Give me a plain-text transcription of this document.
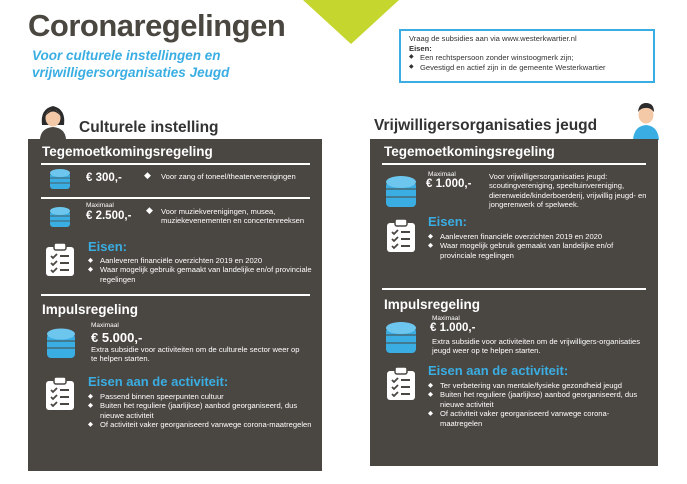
Coronaregelingen
Voor culturele instellingen en
vrijwilligersorganisaties Jeugd
Vraag de subsidies aan via www.westerkwartier.nl
Eisen:
◆ Een rechtspersoon zonder winstoogmerk zijn;
◆ Gevestigd en actief zijn in de gemeente Westerkwartier
Culturele instelling
Tegemoetkomingsregeling
€ 300,- ◆ Voor zang of toneel/theaterverenigingen
Maximaal
€ 2.500,- ◆ Voor muziekverenigingen, musea, muziekevenementen en concertenreeksen
Eisen:
◆ Aanleveren financiële overzichten 2019 en 2020
◆ Waar mogelijk gebruik gemaakt van landelijke en/of provinciale regelingen
Impulsregeling
Maximaal
€ 5.000,-
Extra subsidie voor activiteiten om de culturele sector weer op te helpen starten.
Eisen aan de activiteit:
◆ Passend binnen speerpunten cultuur
◆ Buiten het reguliere (jaarlijkse) aanbod georganiseerd, dus nieuwe activiteit
◆ Of activiteit vaker georganiseerd vanwege corona-maatregelen
Vrijwilligersorganisaties jeugd
Tegemoetkomingsregeling
Maximaal
€ 1.000,-
Voor vrijwilligersorganisaties jeugd: scoutingvereniging, speeltuinvereniging, dierenweide/kinderboerderij, vrijwillig jeugd- en jongerenwerk of spelweek.
Eisen:
◆ Aanleveren financiële overzichten 2019 en 2020
◆ Waar mogelijk gebruik gemaakt van landelijke en/of provinciale regelingen
Impulsregeling
Maximaal
€ 1.000,-
Extra subsidie voor activiteiten om de vrijwilligers-organisaties jeugd weer op te helpen starten.
Eisen aan de activiteit:
◆ Ter verbetering van mentale/fysieke gezondheid jeugd
◆ Buiten het reguliere (jaarlijkse) aanbod georganiseerd, dus nieuwe activiteit
◆ Of activiteit vaker georganiseerd vanwege corona-maatregelen
